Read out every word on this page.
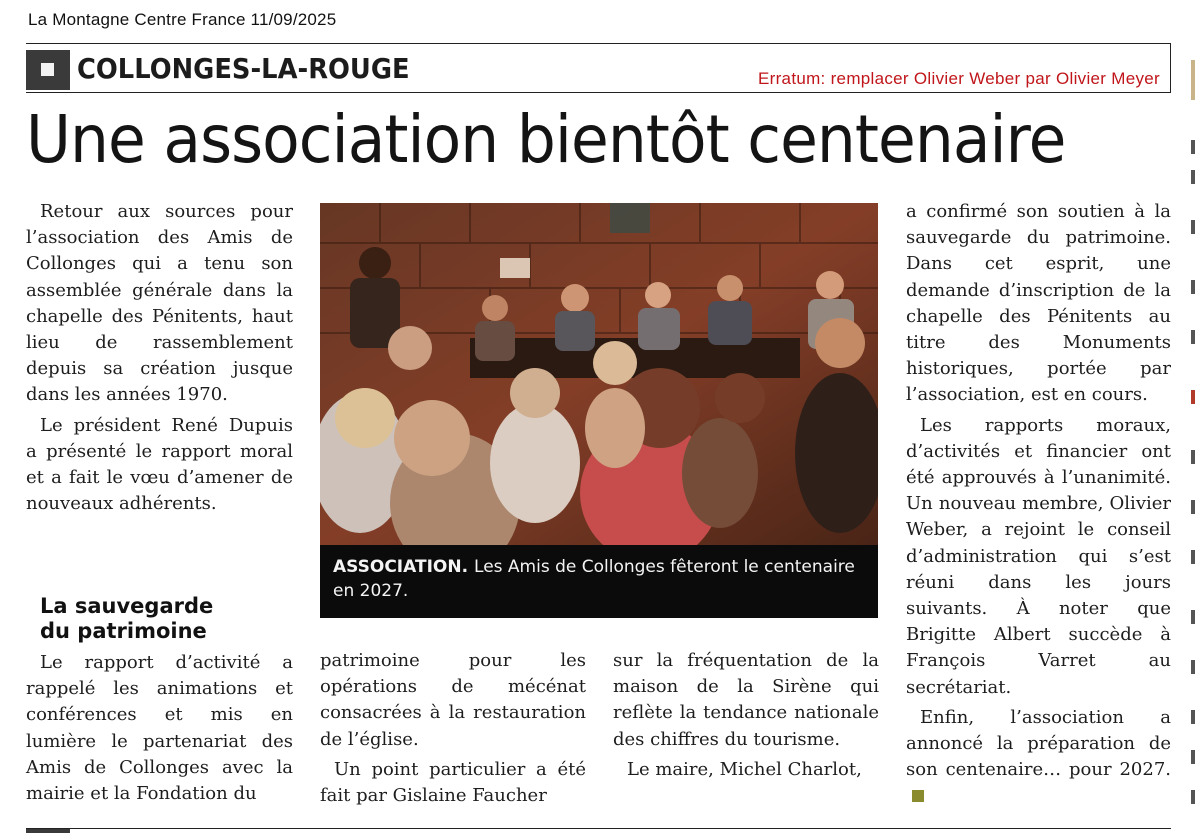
La Montagne Centre France 11/09/2025
COLLONGES-LA-ROUGE	Erratum: remplacer Olivier Weber par Olivier Meyer
Une association bientôt centenaire

Retour aux sources pour l’association des Amis de Collonges qui a tenu son assemblée générale dans la chapelle des Pénitents, haut lieu de rassemblement depuis sa création jusque dans les années 1970.

Le président René Dupuis a présenté le rapport moral et a fait le vœu d’amener de nouveaux adhérents.

La sauvegarde du patrimoine

Le rapport d’activité a rappelé les animations et conférences et mis en lumière le partenariat des Amis de Collonges avec la mairie et la Fondation du

ASSOCIATION. Les Amis de Collonges fêteront le centenaire en 2027.

patrimoine pour les opérations de mécénat consacrées à la restauration de l’église.

Un point particulier a été fait par Gislaine Faucher

sur la fréquentation de la maison de la Sirène qui reflète la tendance nationale des chiffres du tourisme.

Le maire, Michel Charlot,

a confirmé son soutien à la sauvegarde du patrimoine. Dans cet esprit, une demande d’inscription de la chapelle des Pénitents au titre des Monuments historiques, portée par l’association, est en cours.

Les rapports moraux, d’activités et financier ont été approuvés à l’unanimité. Un nouveau membre, Olivier Weber, a rejoint le conseil d’administration qui s’est réuni dans les jours suivants. À noter que Brigitte Albert succède à François Varret au secrétariat.

Enfin, l’association a annoncé la préparation de son centenaire… pour 2027.
